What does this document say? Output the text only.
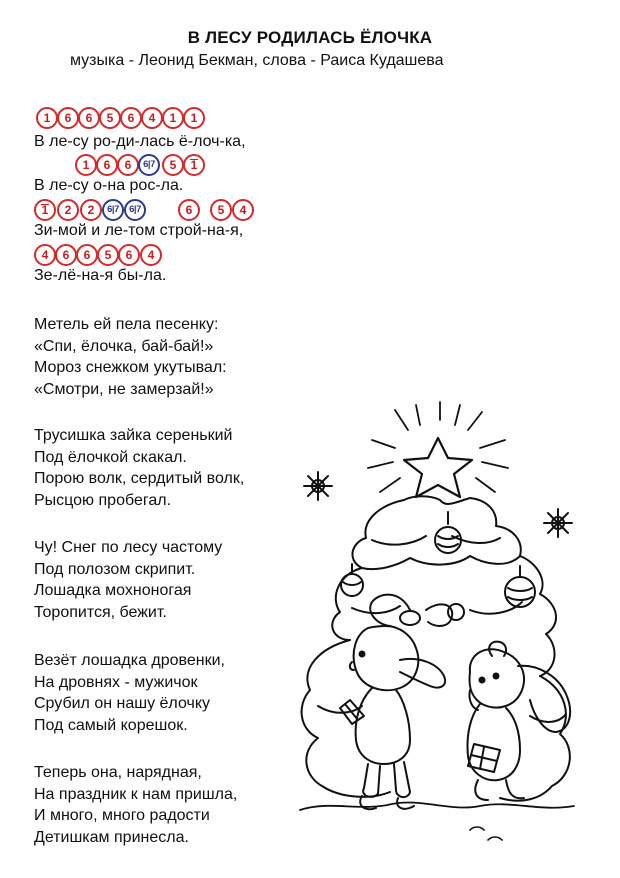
В ЛЕСУ РОДИЛАСЬ ЁЛОЧКА
музыка - Леонид Бекман, слова - Раиса Кудашева
1	6	6	5	6	4	1	1
В ле-су ро-ди-лась ё-лоч-ка,
1	6	6	6|7	5	1
В ле-су о-на рос-ла.
1	2	2	6|7	6|7	6	5	4
Зи-мой и ле-том строй-на-я,
4	6	6	5	6	4
Зе-лё-на-я бы-ла.
Метель ей пела песенку:
«Спи, ёлочка, бай-бай!»
Мороз снежком укутывал:
«Смотри, не замерзай!»
Трусишка зайка серенький
Под ёлочкой скакал.
Порою волк, сердитый волк,
Рысцою пробегал.
Чу! Снег по лесу частому
Под полозом скрипит.
Лошадка мохноногая
Торопится, бежит.
Везёт лошадка дровенки,
На дровнях - мужичок
Срубил он нашу ёлочку
Под самый корешок.
Теперь она, нарядная,
На праздник к нам пришла,
И много, много радости
Детишкам принесла.
